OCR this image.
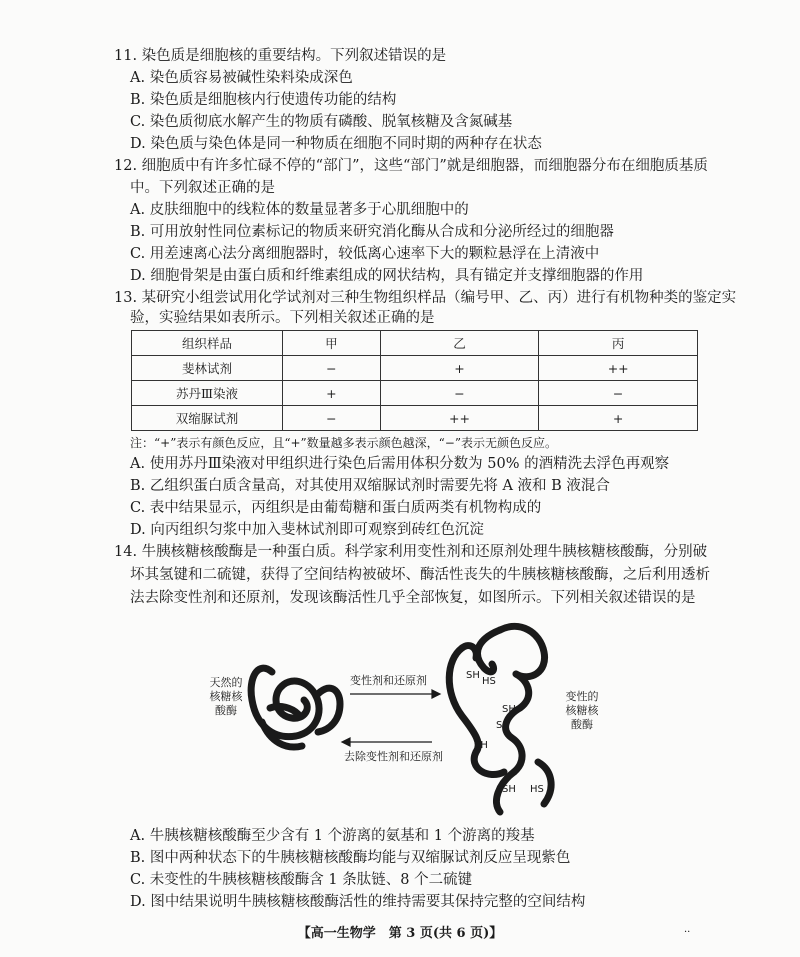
11. 染色质是细胞核的重要结构。下列叙述错误的是
A. 染色质容易被碱性染料染成深色
B. 染色质是细胞核内行使遗传功能的结构
C. 染色质彻底水解产生的物质有磷酸、脱氧核糖及含氮碱基
D. 染色质与染色体是同一种物质在细胞不同时期的两种存在状态
12. 细胞质中有许多忙碌不停的“部门”，这些“部门”就是细胞器，而细胞器分布在细胞质基质
中。下列叙述正确的是
A. 皮肤细胞中的线粒体的数量显著多于心肌细胞中的
B. 可用放射性同位素标记的物质来研究消化酶从合成和分泌所经过的细胞器
C. 用差速离心法分离细胞器时，较低离心速率下大的颗粒悬浮在上清液中
D. 细胞骨架是由蛋白质和纤维素组成的网状结构，具有锚定并支撑细胞器的作用
13. 某研究小组尝试用化学试剂对三种生物组织样品（编号甲、乙、丙）进行有机物种类的鉴定实
验，实验结果如表所示。下列相关叙述正确的是
组织样品	甲	乙	丙
斐林试剂	−	+	++
苏丹Ⅲ染液	+	−	−
双缩脲试剂	−	++	+
注：“+”表示有颜色反应，且“+”数量越多表示颜色越深，“−”表示无颜色反应。
A. 使用苏丹Ⅲ染液对甲组织进行染色后需用体积分数为 50% 的酒精洗去浮色再观察
B. 乙组织蛋白质含量高，对其使用双缩脲试剂时需要先将 A 液和 B 液混合
C. 表中结果显示，丙组织是由葡萄糖和蛋白质两类有机物构成的
D. 向丙组织匀浆中加入斐林试剂即可观察到砖红色沉淀
14. 牛胰核糖核酸酶是一种蛋白质。科学家利用变性剂和还原剂处理牛胰核糖核酸酶，分别破
坏其氢键和二硫键，获得了空间结构被破坏、酶活性丧失的牛胰核糖核酸酶，之后利用透析
法去除变性剂和还原剂，发现该酶活性几乎全部恢复，如图所示。下列相关叙述错误的是
SH
HS
SH
SH
SH
SH HS
天然的
核糖核
酸酶
变性的
核糖核
酸酶
变性剂和还原剂
去除变性剂和还原剂
A. 牛胰核糖核酸酶至少含有 1 个游离的氨基和 1 个游离的羧基
B. 图中两种状态下的牛胰核糖核酸酶均能与双缩脲试剂反应呈现紫色
C. 未变性的牛胰核糖核酸酶含 1 条肽链、8 个二硫键
D. 图中结果说明牛胰核糖核酸酶活性的维持需要其保持完整的空间结构
【高一生物学　第 3 页(共 6 页)】	··
